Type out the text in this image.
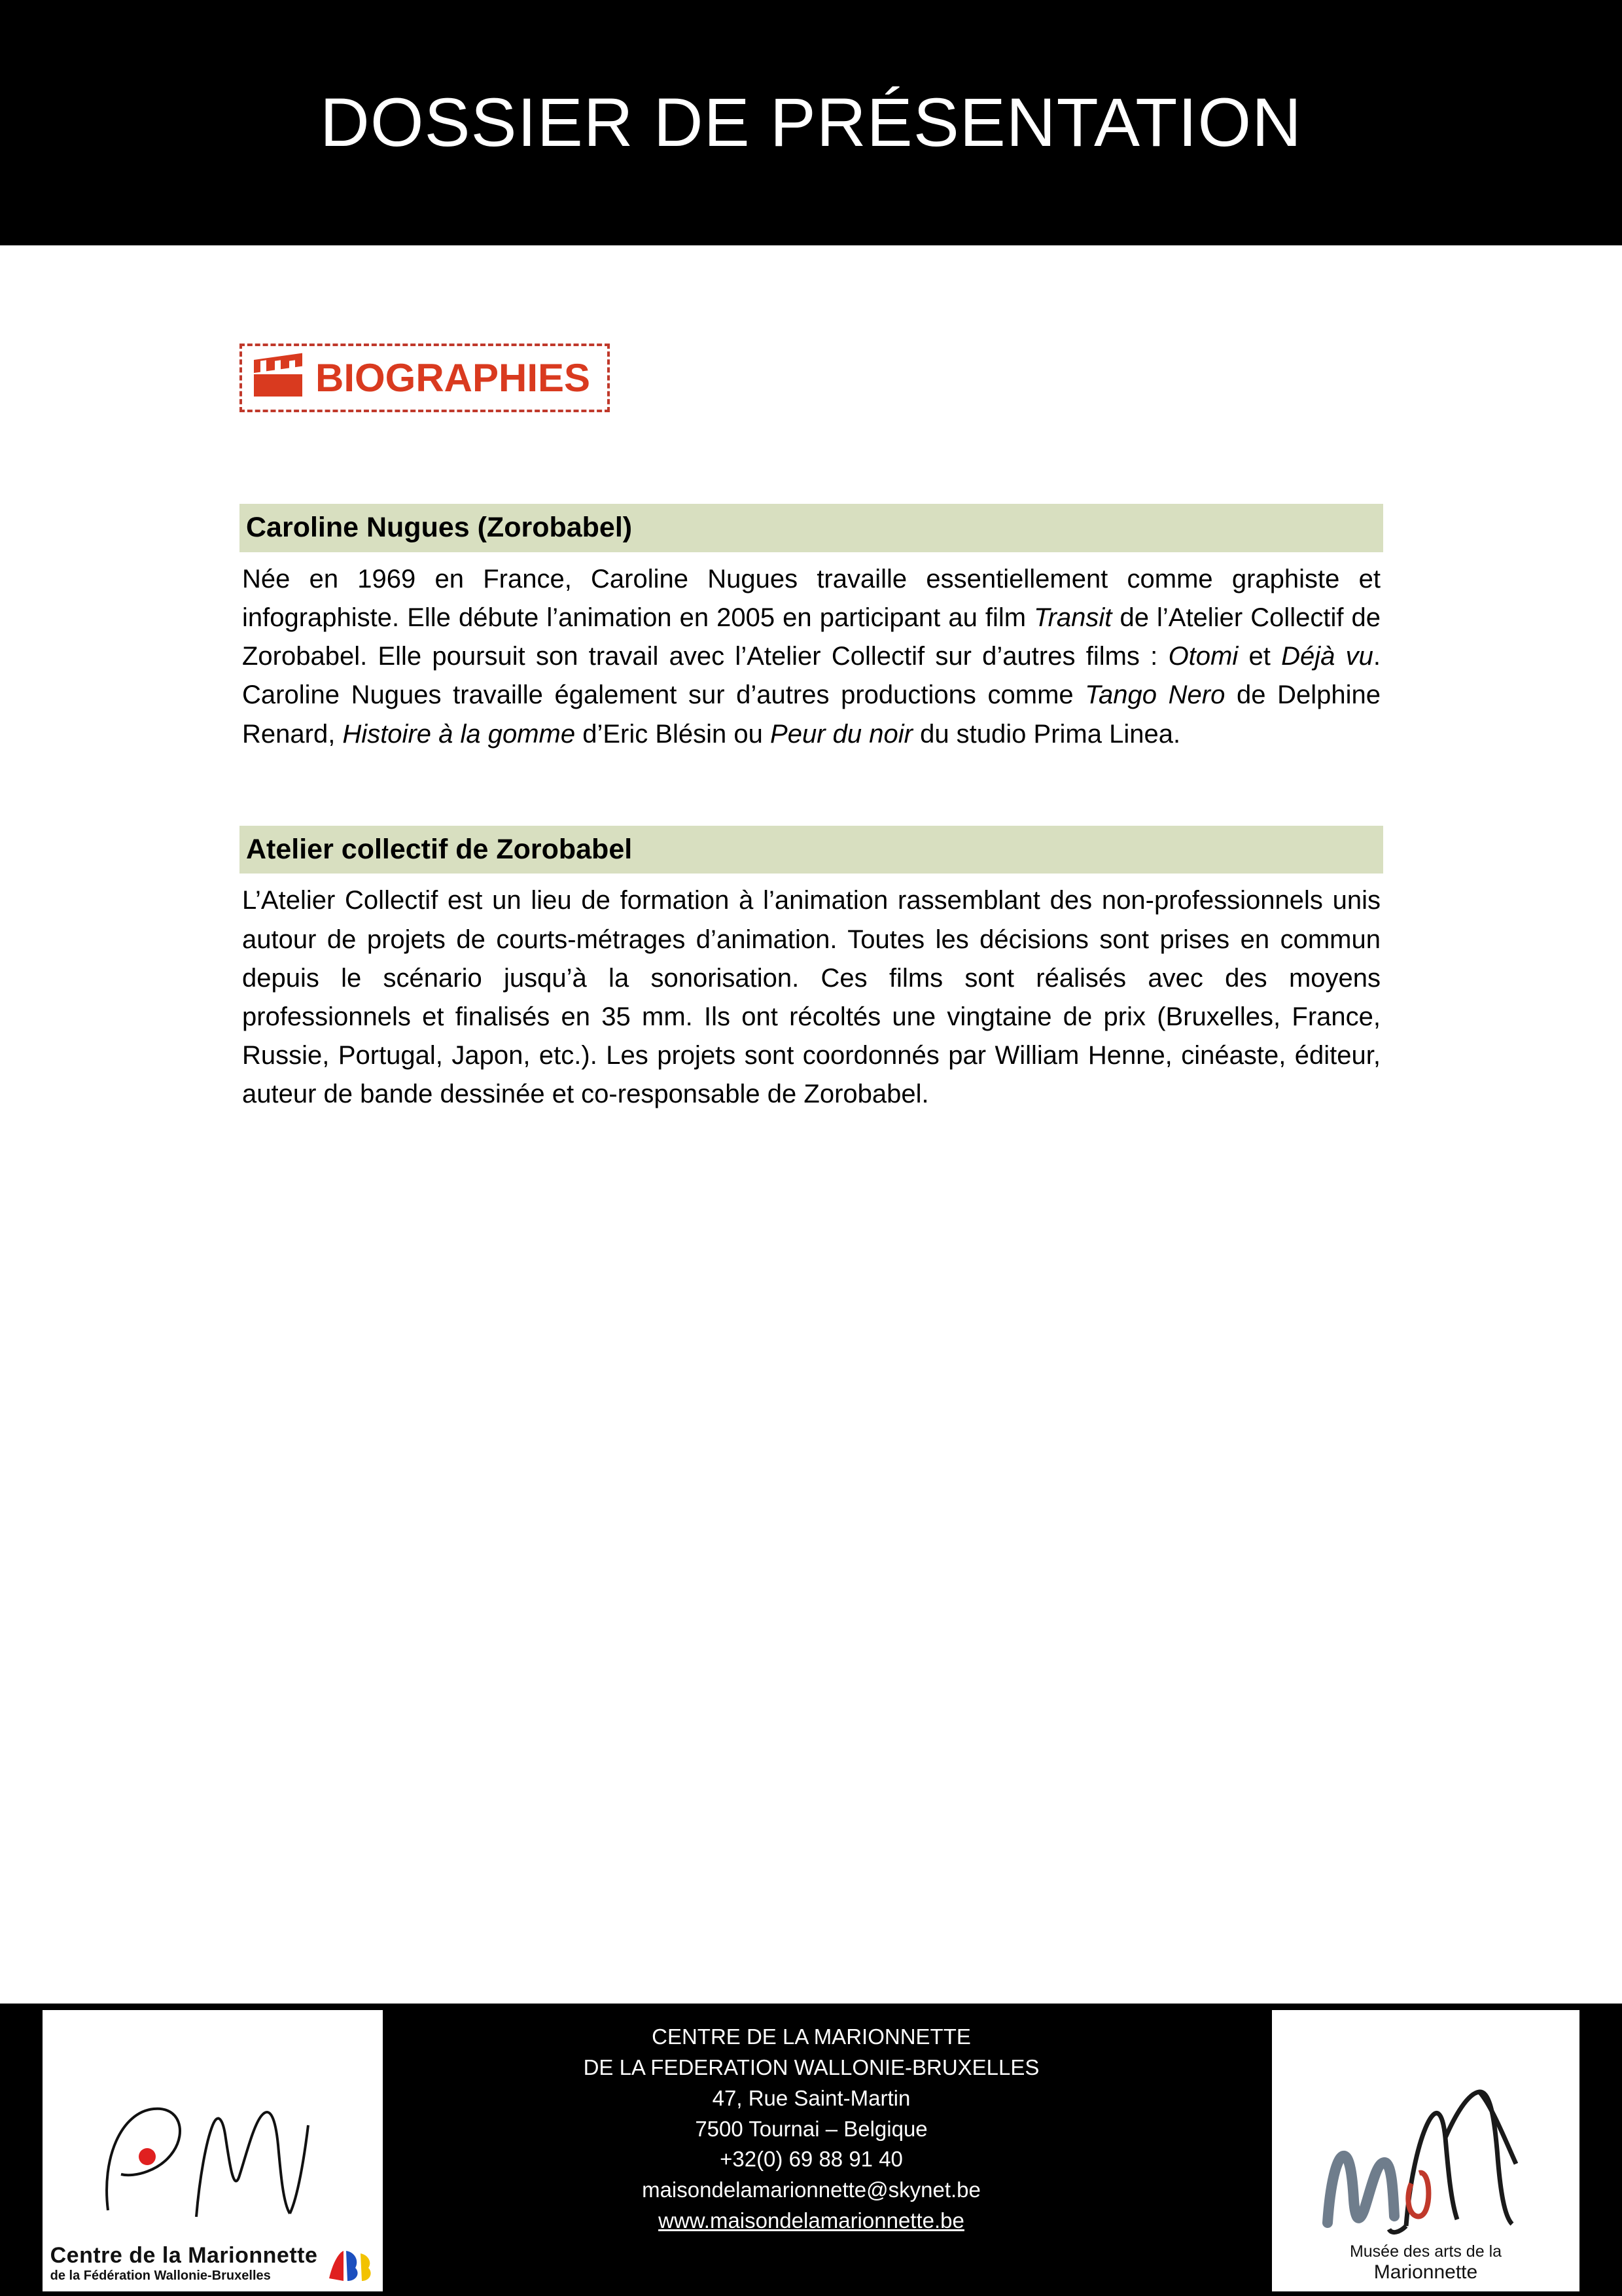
DOSSIER DE PRÉSENTATION
BIOGRAPHIES
Caroline Nugues (Zorobabel)
Née en 1969 en France, Caroline Nugues travaille essentiellement comme graphiste et infographiste. Elle débute l’animation en 2005 en participant au film Transit de l’Atelier Collectif de Zorobabel. Elle poursuit son travail avec l’Atelier Collectif sur d’autres films : Otomi et Déjà vu. Caroline Nugues travaille également sur d’autres productions comme Tango Nero de Delphine Renard, Histoire à la gomme d’Eric Blésin ou Peur du noir du studio Prima Linea.
Atelier collectif de Zorobabel
L’Atelier Collectif est un lieu de formation à l’animation rassemblant des non-professionnels unis autour de projets de courts-métrages d’animation. Toutes les décisions sont prises en commun depuis le scénario jusqu’à la sonorisation. Ces films sont réalisés avec des moyens professionnels et finalisés en 35 mm. Ils ont récoltés une vingtaine de prix (Bruxelles, France, Russie, Portugal, Japon, etc.). Les projets sont coordonnés par William Henne, cinéaste, éditeur, auteur de bande dessinée et co-responsable de Zorobabel.
Centre de la Marionnette
de la Fédération Wallonie-Bruxelles
CENTRE DE LA MARIONNETTE
DE LA FEDERATION WALLONIE-BRUXELLES
47, Rue Saint-Martin
7500 Tournai – Belgique
+32(0) 69 88 91 40
maisondelamarionnette@skynet.be
www.maisondelamarionnette.be
Musée des arts de la
Marionnette
